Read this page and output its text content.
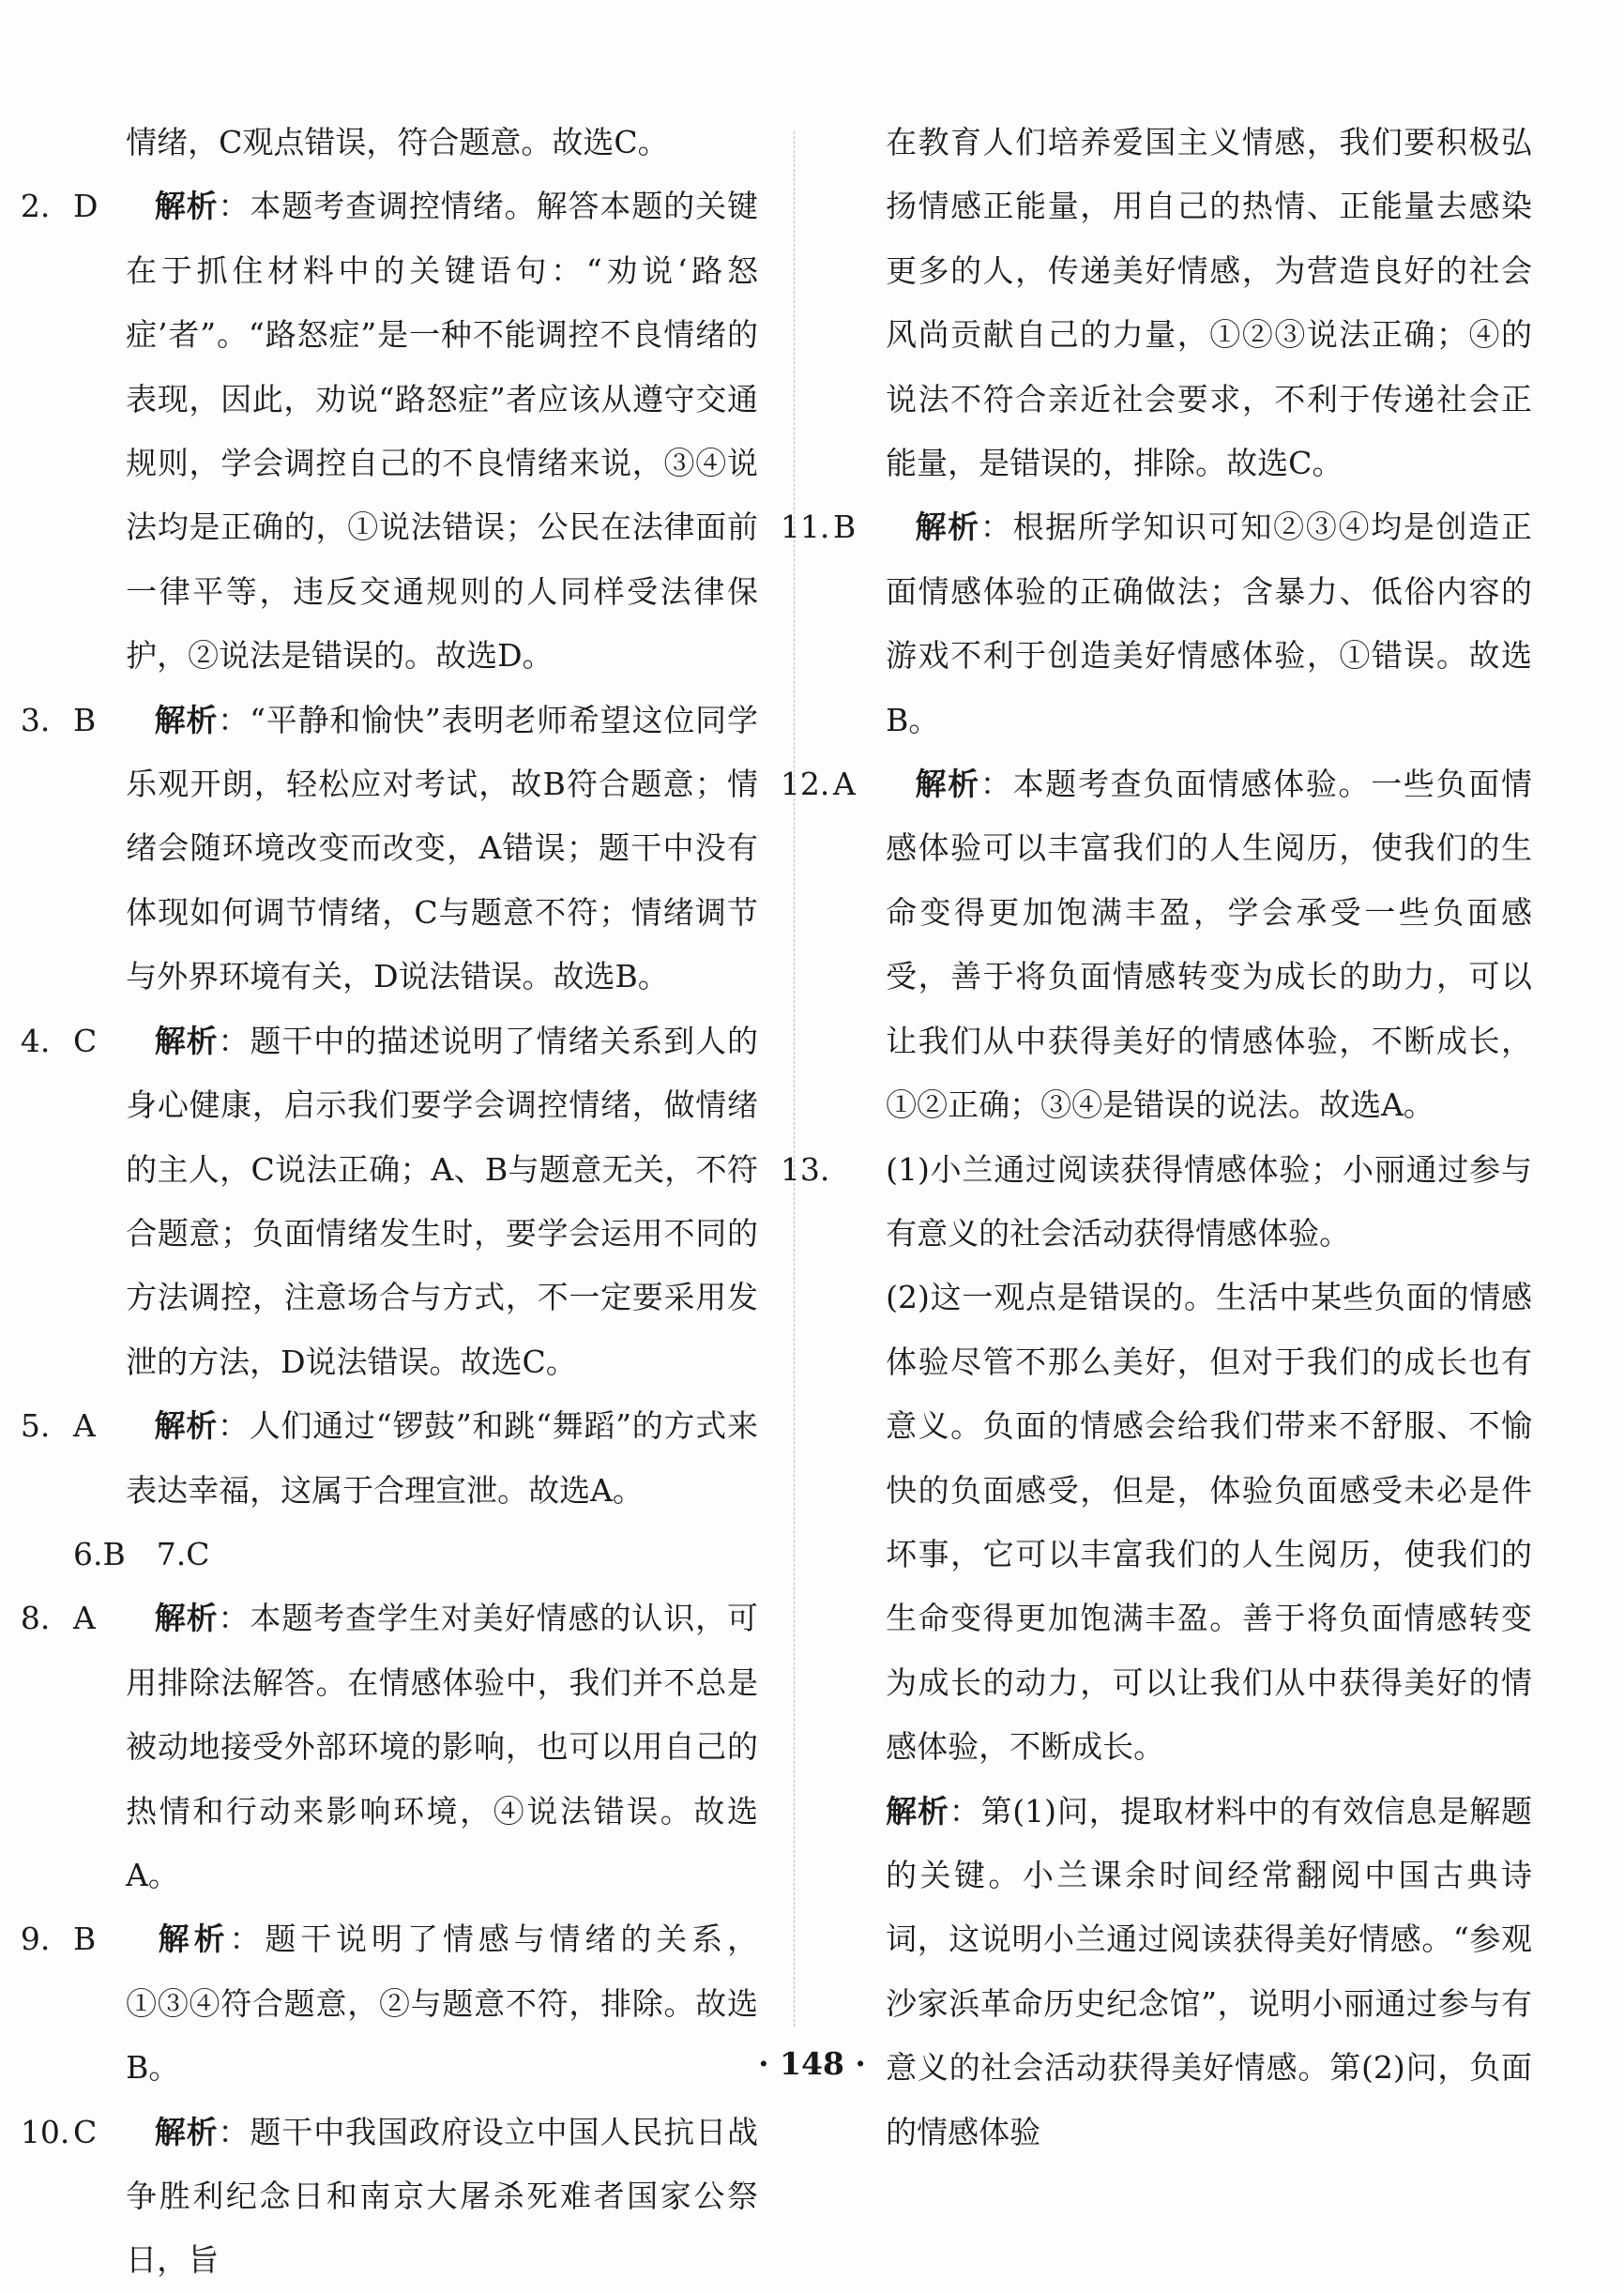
情绪，C观点错误，符合题意。故选C。

2. D 解析：本题考查调控情绪。解答本题的关键在于抓住材料中的关键语句：“劝说‘路怒症’者”。“路怒症”是一种不能调控不良情绪的表现，因此，劝说“路怒症”者应该从遵守交通规则，学会调控自己的不良情绪来说，③④说法均是正确的，①说法错误；公民在法律面前一律平等，违反交通规则的人同样受法律保护，②说法是错误的。故选D。

3. B 解析：“平静和愉快”表明老师希望这位同学乐观开朗，轻松应对考试，故B符合题意；情绪会随环境改变而改变，A错误；题干中没有体现如何调节情绪，C与题意不符；情绪调节与外界环境有关，D说法错误。故选B。

4. C 解析：题干中的描述说明了情绪关系到人的身心健康，启示我们要学会调控情绪，做情绪的主人，C说法正确；A、B与题意无关，不符合题意；负面情绪发生时，要学会运用不同的方法调控，注意场合与方式，不一定要采用发泄的方法，D说法错误。故选C。

5. A 解析：人们通过“锣鼓”和跳“舞蹈”的方式来表达幸福，这属于合理宣泄。故选A。

6.B　7.C

8. A 解析：本题考查学生对美好情感的认识，可用排除法解答。在情感体验中，我们并不总是被动地接受外部环境的影响，也可以用自己的热情和行动来影响环境，④说法错误。故选A。

9. B 解析：题干说明了情感与情绪的关系，①③④符合题意，②与题意不符，排除。故选B。

10. C 解析：题干中我国政府设立中国人民抗日战争胜利纪念日和南京大屠杀死难者国家公祭日，旨

在教育人们培养爱国主义情感，我们要积极弘扬情感正能量，用自己的热情、正能量去感染更多的人，传递美好情感，为营造良好的社会风尚贡献自己的力量，①②③说法正确；④的说法不符合亲近社会要求，不利于传递社会正能量，是错误的，排除。故选C。

11. B 解析：根据所学知识可知②③④均是创造正面情感体验的正确做法；含暴力、低俗内容的游戏不利于创造美好情感体验，①错误。故选B。

12. A 解析：本题考查负面情感体验。一些负面情感体验可以丰富我们的人生阅历，使我们的生命变得更加饱满丰盈，学会承受一些负面感受，善于将负面情感转变为成长的助力，可以让我们从中获得美好的情感体验，不断成长，①②正确；③④是错误的说法。故选A。

13. (1)小兰通过阅读获得情感体验；小丽通过参与有意义的社会活动获得情感体验。

(2)这一观点是错误的。生活中某些负面的情感体验尽管不那么美好，但对于我们的成长也有意义。负面的情感会给我们带来不舒服、不愉快的负面感受，但是，体验负面感受未必是件坏事，它可以丰富我们的人生阅历，使我们的生命变得更加饱满丰盈。善于将负面情感转变为成长的动力，可以让我们从中获得美好的情感体验，不断成长。

解析：第(1)问，提取材料中的有效信息是解题的关键。小兰课余时间经常翻阅中国古典诗词，这说明小兰通过阅读获得美好情感。“参观沙家浜革命历史纪念馆”，说明小丽通过参与有意义的社会活动获得美好情感。第(2)问，负面的情感体验

· 148 ·
